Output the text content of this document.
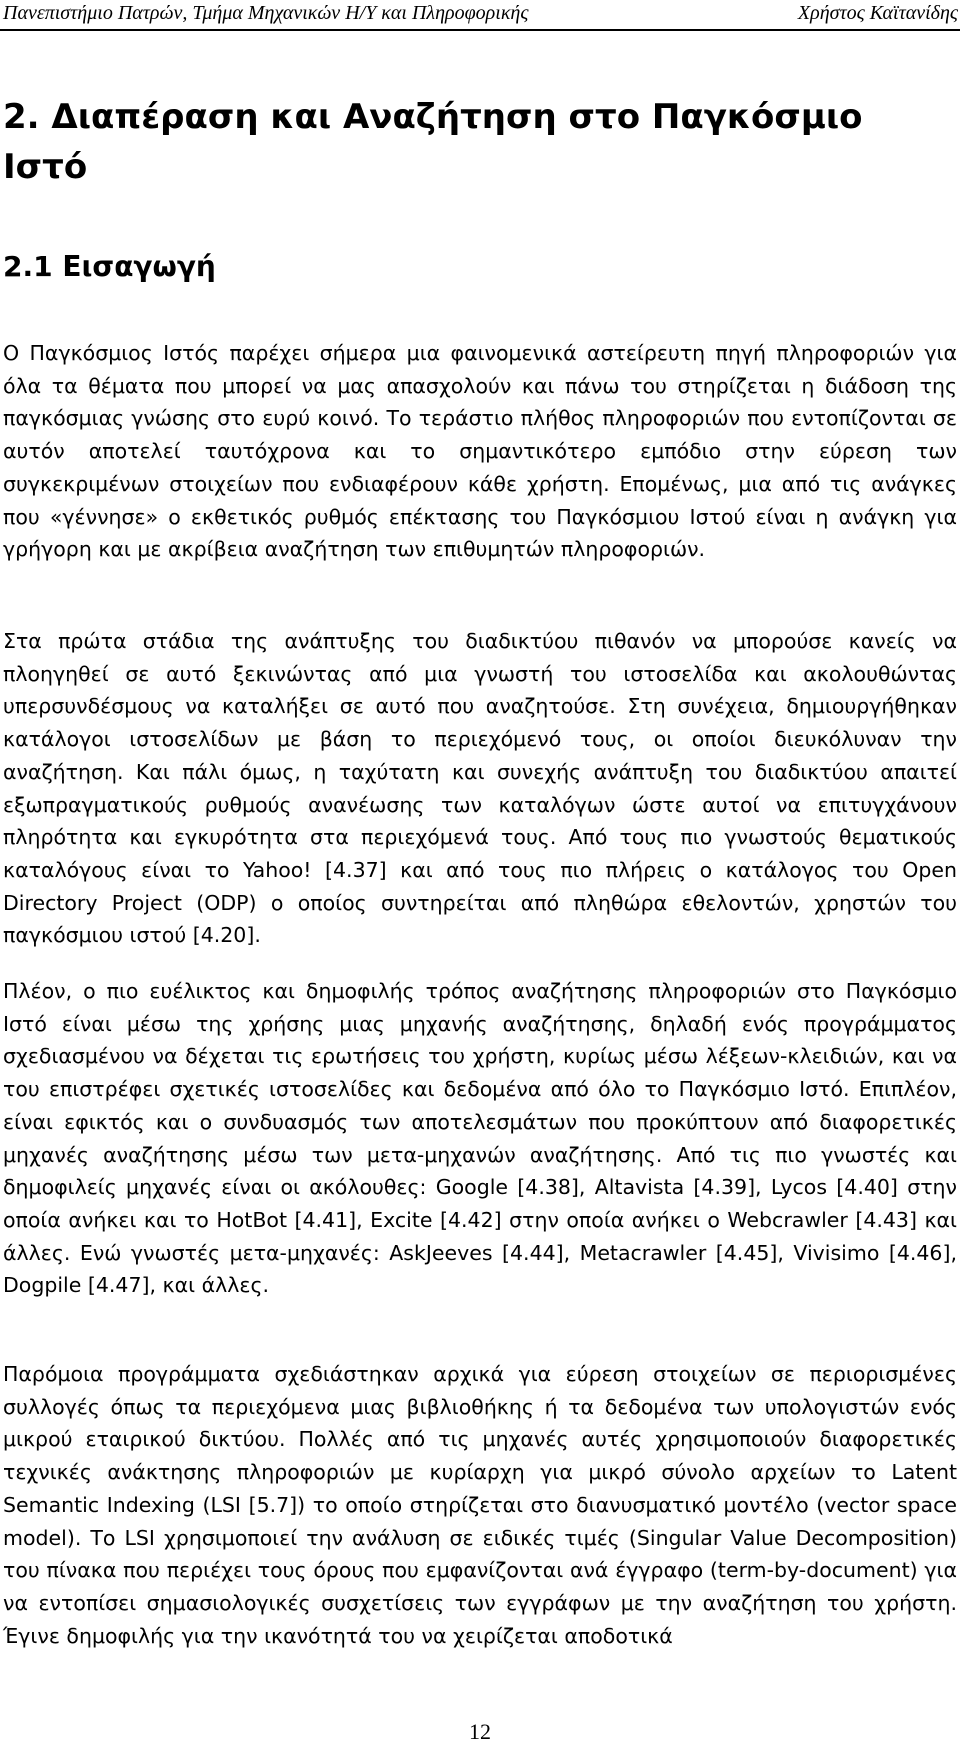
Πανεπιστήμιο Πατρών, Τμήμα Μηχανικών Η/Υ και Πληροφορικής	Χρήστος Καϊτανίδης
2. Διαπέραση και Αναζήτηση στο Παγκόσμιο Ιστό
2.1 Εισαγωγή

Ο Παγκόσμιος Ιστός παρέχει σήμερα μια φαινομενικά αστείρευτη πηγή πληροφοριών για όλα τα θέματα που μπορεί να μας απασχολούν και πάνω του στηρίζεται η διάδοση της παγκόσμιας γνώσης στο ευρύ κοινό. Το τεράστιο πλήθος πληροφοριών που εντοπίζονται σε αυτόν αποτελεί ταυτόχρονα και το σημαντικότερο εμπόδιο στην εύρεση των συγκεκριμένων στοιχείων που ενδιαφέρουν κάθε χρήστη. Επομένως, μια από τις ανάγκες που «γέννησε» ο εκθετικός ρυθμός επέκτασης του Παγκόσμιου Ιστού είναι η ανάγκη για γρήγορη και με ακρίβεια αναζήτηση των επιθυμητών πληροφοριών.

Στα πρώτα στάδια της ανάπτυξης του διαδικτύου πιθανόν να μπορούσε κανείς να πλοηγηθεί σε αυτό ξεκινώντας από μια γνωστή του ιστοσελίδα και ακολουθώντας υπερσυνδέσμους να καταλήξει σε αυτό που αναζητούσε. Στη συνέχεια, δημιουργήθηκαν κατάλογοι ιστοσελίδων με βάση το περιεχόμενό τους, οι οποίοι διευκόλυναν την αναζήτηση. Και πάλι όμως, η ταχύτατη και συνεχής ανάπτυξη του διαδικτύου απαιτεί εξωπραγματικούς ρυθμούς ανανέωσης των καταλόγων ώστε αυτοί να επιτυγχάνουν πληρότητα και εγκυρότητα στα περιεχόμενά τους. Από τους πιο γνωστούς θεματικούς καταλόγους είναι το Yahoo! [4.37] και από τους πιο πλήρεις ο κατάλογος του Open Directory Project (ODP) ο οποίος συντηρείται από πληθώρα εθελοντών, χρηστών του παγκόσμιου ιστού [4.20].

Πλέον, ο πιο ευέλικτος και δημοφιλής τρόπος αναζήτησης πληροφοριών στο Παγκόσμιο Ιστό είναι μέσω της χρήσης μιας μηχανής αναζήτησης, δηλαδή ενός προγράμματος σχεδιασμένου να δέχεται τις ερωτήσεις του χρήστη, κυρίως μέσω λέξεων-κλειδιών, και να του επιστρέφει σχετικές ιστοσελίδες και δεδομένα από όλο το Παγκόσμιο Ιστό. Επιπλέον, είναι εφικτός και ο συνδυασμός των αποτελεσμάτων που προκύπτουν από διαφορετικές μηχανές αναζήτησης μέσω των μετα-μηχανών αναζήτησης. Από τις πιο γνωστές και δημοφιλείς μηχανές είναι οι ακόλουθες: Google [4.38], Altavista [4.39], Lycos [4.40] στην οποία ανήκει και το HotBot [4.41], Excite [4.42] στην οποία ανήκει ο Webcrawler [4.43] και άλλες. Ενώ γνωστές μετα-μηχανές: AskJeeves [4.44], Metacrawler [4.45], Vivisimo [4.46], Dogpile [4.47], και άλλες.

Παρόμοια προγράμματα σχεδιάστηκαν αρχικά για εύρεση στοιχείων σε περιορισμένες συλλογές όπως τα περιεχόμενα μιας βιβλιοθήκης ή τα δεδομένα των υπολογιστών ενός μικρού εταιρικού δικτύου. Πολλές από τις μηχανές αυτές χρησιμοποιούν διαφορετικές τεχνικές ανάκτησης πληροφοριών με κυρίαρχη για μικρό σύνολο αρχείων το Latent Semantic Indexing (LSI [5.7]) το οποίο στηρίζεται στο διανυσματικό μοντέλο (vector space model). Το LSI χρησιμοποιεί την ανάλυση σε ειδικές τιμές (Singular Value Decomposition) του πίνακα που περιέχει τους όρους που εμφανίζονται ανά έγγραφο (term-by-document) για να εντοπίσει σημασιολογικές συσχετίσεις των εγγράφων με την αναζήτηση του χρήστη. Έγινε δημοφιλής για την ικανότητά του να χειρίζεται αποδοτικά

12
